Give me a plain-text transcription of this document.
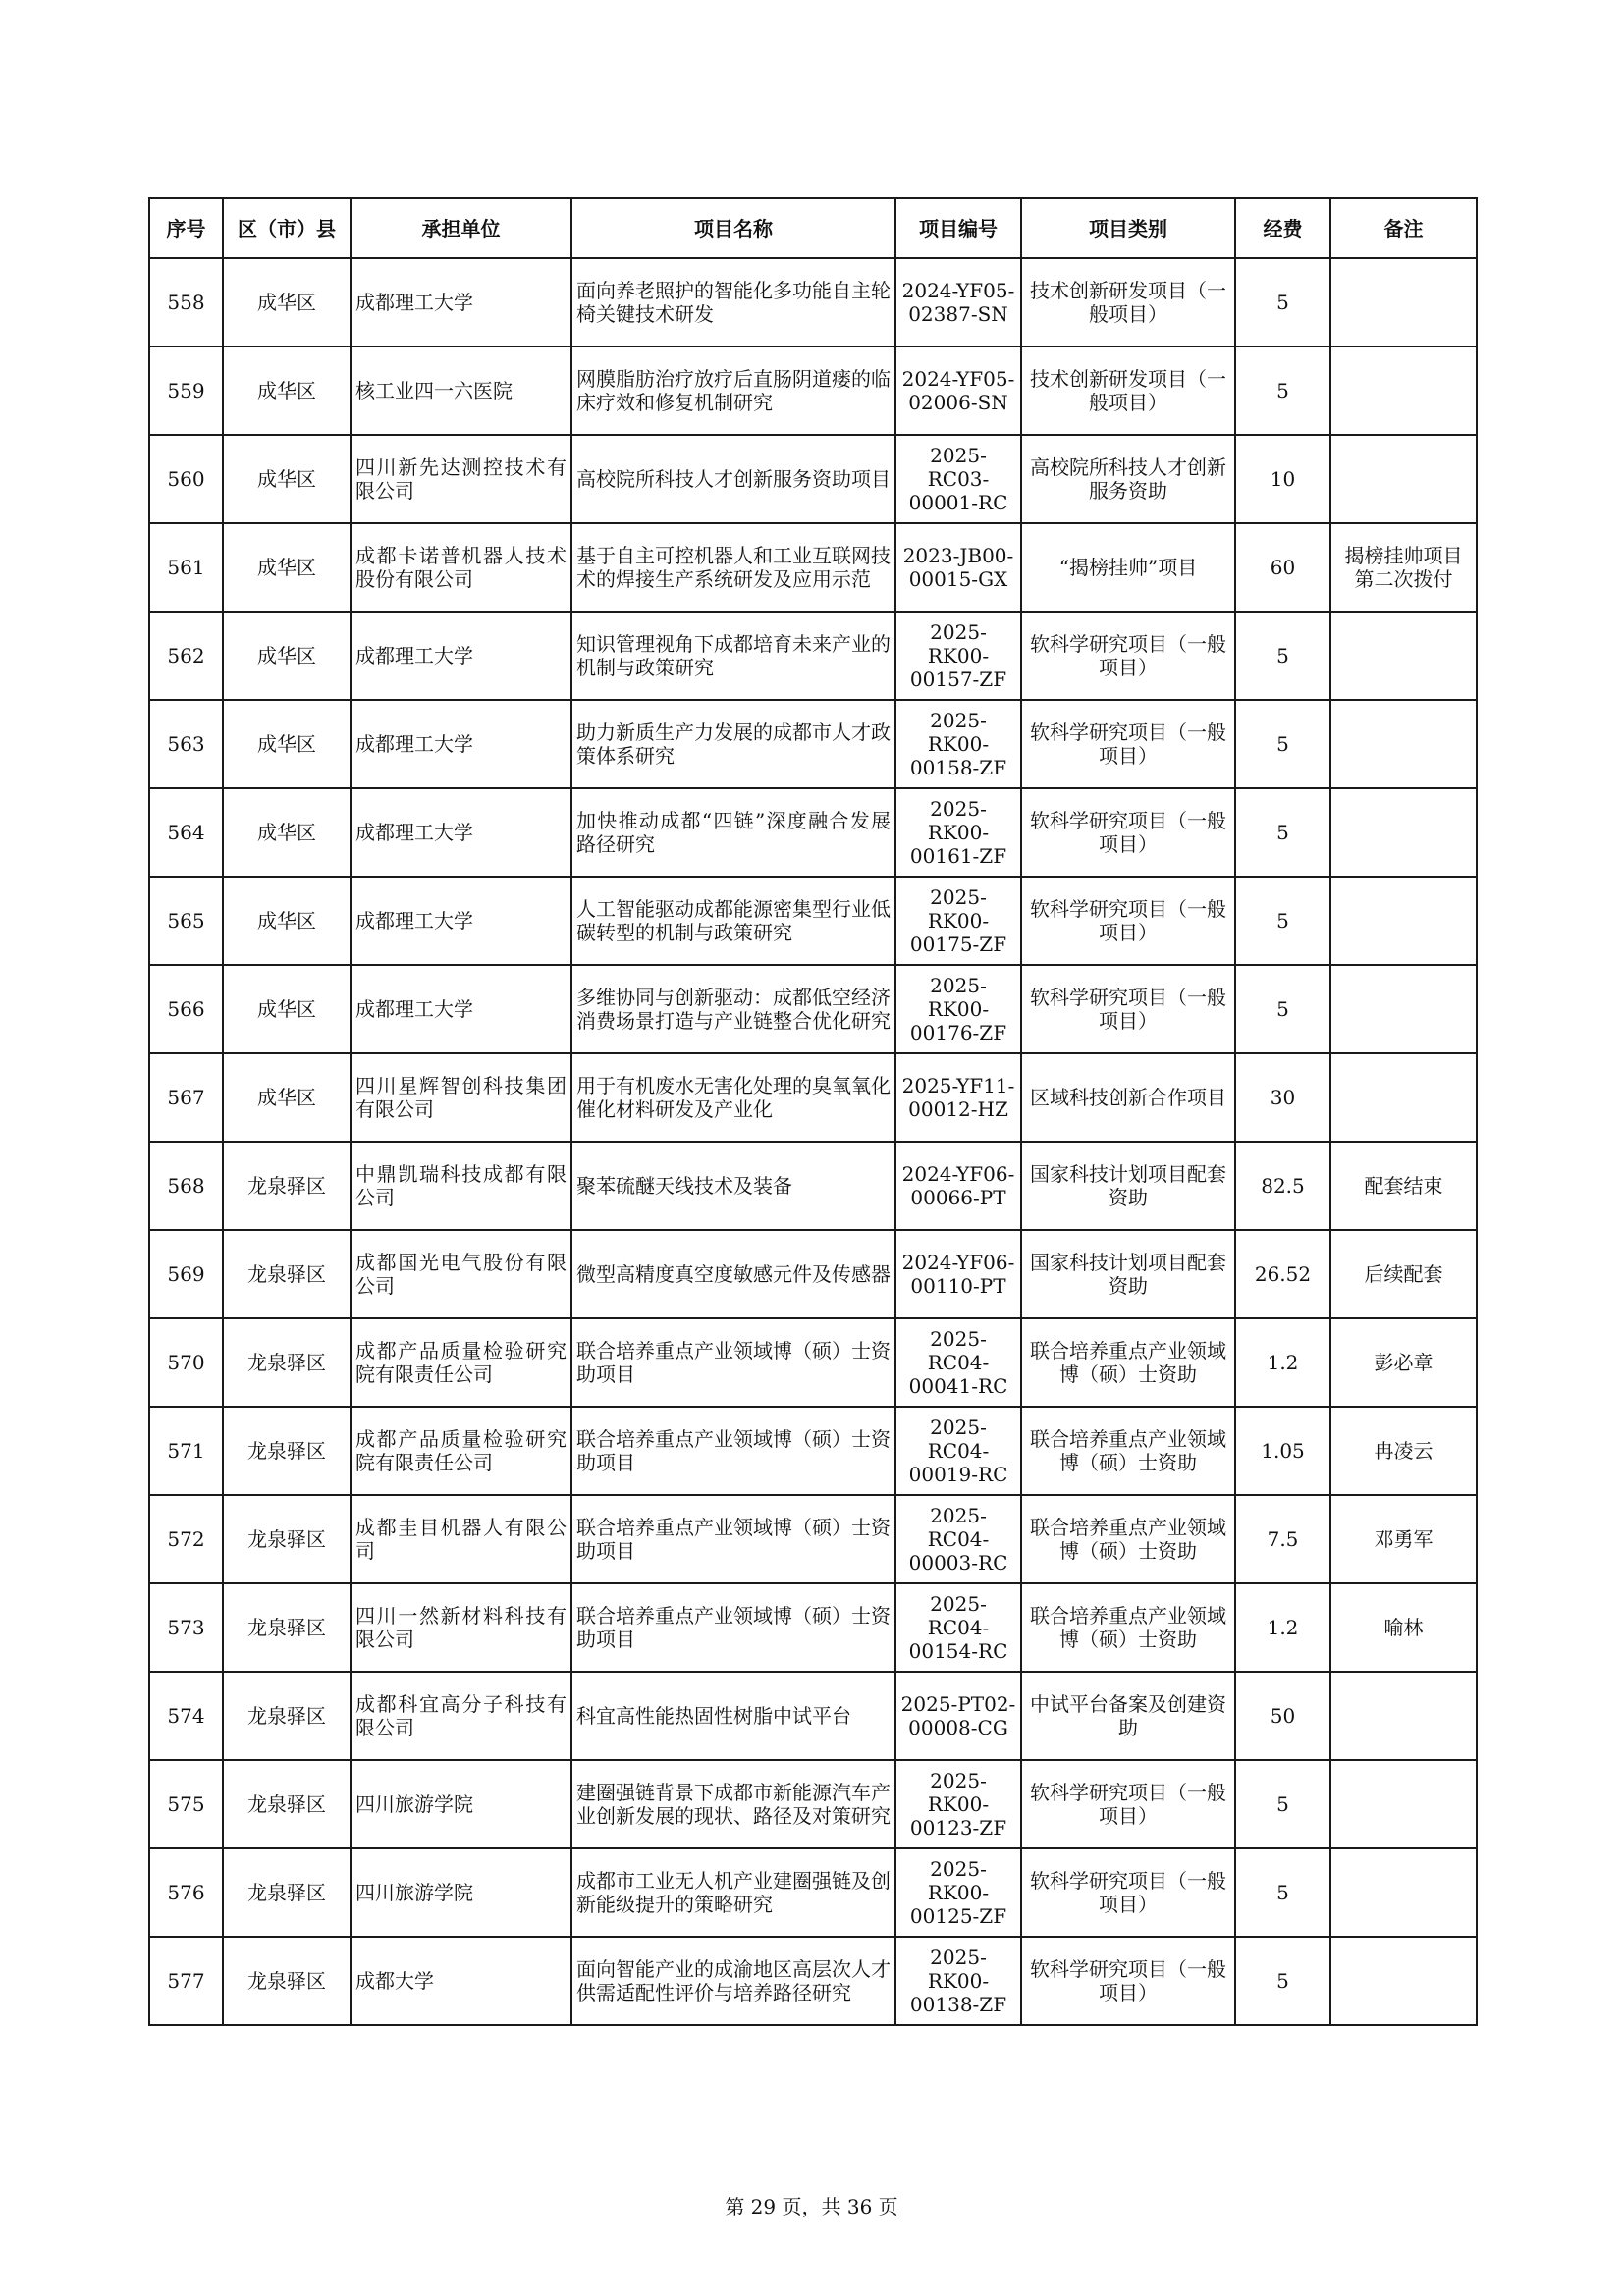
序号	区（市）县	承担单位	项目名称	项目编号	项目类别	经费	备注
558	成华区	成都理工大学	面向养老照护的智能化多功能自主轮椅关键技术研发	2024-YF05-02387-SN	技术创新研发项目（一般项目）	5	
559	成华区	核工业四一六医院	网膜脂肪治疗放疗后直肠阴道瘘的临床疗效和修复机制研究	2024-YF05-02006-SN	技术创新研发项目（一般项目）	5	
560	成华区	四川新先达测控技术有限公司	高校院所科技人才创新服务资助项目	2025-RC03-00001-RC	高校院所科技人才创新服务资助	10	
561	成华区	成都卡诺普机器人技术股份有限公司	基于自主可控机器人和工业互联网技术的焊接生产系统研发及应用示范	2023-JB00-00015-GX	“揭榜挂帅”项目	60	揭榜挂帅项目第二次拨付
562	成华区	成都理工大学	知识管理视角下成都培育未来产业的机制与政策研究	2025-RK00-00157-ZF	软科学研究项目（一般项目）	5	
563	成华区	成都理工大学	助力新质生产力发展的成都市人才政策体系研究	2025-RK00-00158-ZF	软科学研究项目（一般项目）	5	
564	成华区	成都理工大学	加快推动成都“四链”深度融合发展路径研究	2025-RK00-00161-ZF	软科学研究项目（一般项目）	5	
565	成华区	成都理工大学	人工智能驱动成都能源密集型行业低碳转型的机制与政策研究	2025-RK00-00175-ZF	软科学研究项目（一般项目）	5	
566	成华区	成都理工大学	多维协同与创新驱动：成都低空经济消费场景打造与产业链整合优化研究	2025-RK00-00176-ZF	软科学研究项目（一般项目）	5	
567	成华区	四川星辉智创科技集团有限公司	用于有机废水无害化处理的臭氧氧化催化材料研发及产业化	2025-YF11-00012-HZ	区域科技创新合作项目	30	
568	龙泉驿区	中鼎凯瑞科技成都有限公司	聚苯硫醚天线技术及装备	2024-YF06-00066-PT	国家科技计划项目配套资助	82.5	配套结束
569	龙泉驿区	成都国光电气股份有限公司	微型高精度真空度敏感元件及传感器	2024-YF06-00110-PT	国家科技计划项目配套资助	26.52	后续配套
570	龙泉驿区	成都产品质量检验研究院有限责任公司	联合培养重点产业领域博（硕）士资助项目	2025-RC04-00041-RC	联合培养重点产业领域博（硕）士资助	1.2	彭必章
571	龙泉驿区	成都产品质量检验研究院有限责任公司	联合培养重点产业领域博（硕）士资助项目	2025-RC04-00019-RC	联合培养重点产业领域博（硕）士资助	1.05	冉凌云
572	龙泉驿区	成都圭目机器人有限公司	联合培养重点产业领域博（硕）士资助项目	2025-RC04-00003-RC	联合培养重点产业领域博（硕）士资助	7.5	邓勇军
573	龙泉驿区	四川一然新材料科技有限公司	联合培养重点产业领域博（硕）士资助项目	2025-RC04-00154-RC	联合培养重点产业领域博（硕）士资助	1.2	喻林
574	龙泉驿区	成都科宜高分子科技有限公司	科宜高性能热固性树脂中试平台	2025-PT02-00008-CG	中试平台备案及创建资助	50	
575	龙泉驿区	四川旅游学院	建圈强链背景下成都市新能源汽车产业创新发展的现状、路径及对策研究	2025-RK00-00123-ZF	软科学研究项目（一般项目）	5	
576	龙泉驿区	四川旅游学院	成都市工业无人机产业建圈强链及创新能级提升的策略研究	2025-RK00-00125-ZF	软科学研究项目（一般项目）	5	
577	龙泉驿区	成都大学	面向智能产业的成渝地区高层次人才供需适配性评价与培养路径研究	2025-RK00-00138-ZF	软科学研究项目（一般项目）	5	
第 29 页，共 36 页
